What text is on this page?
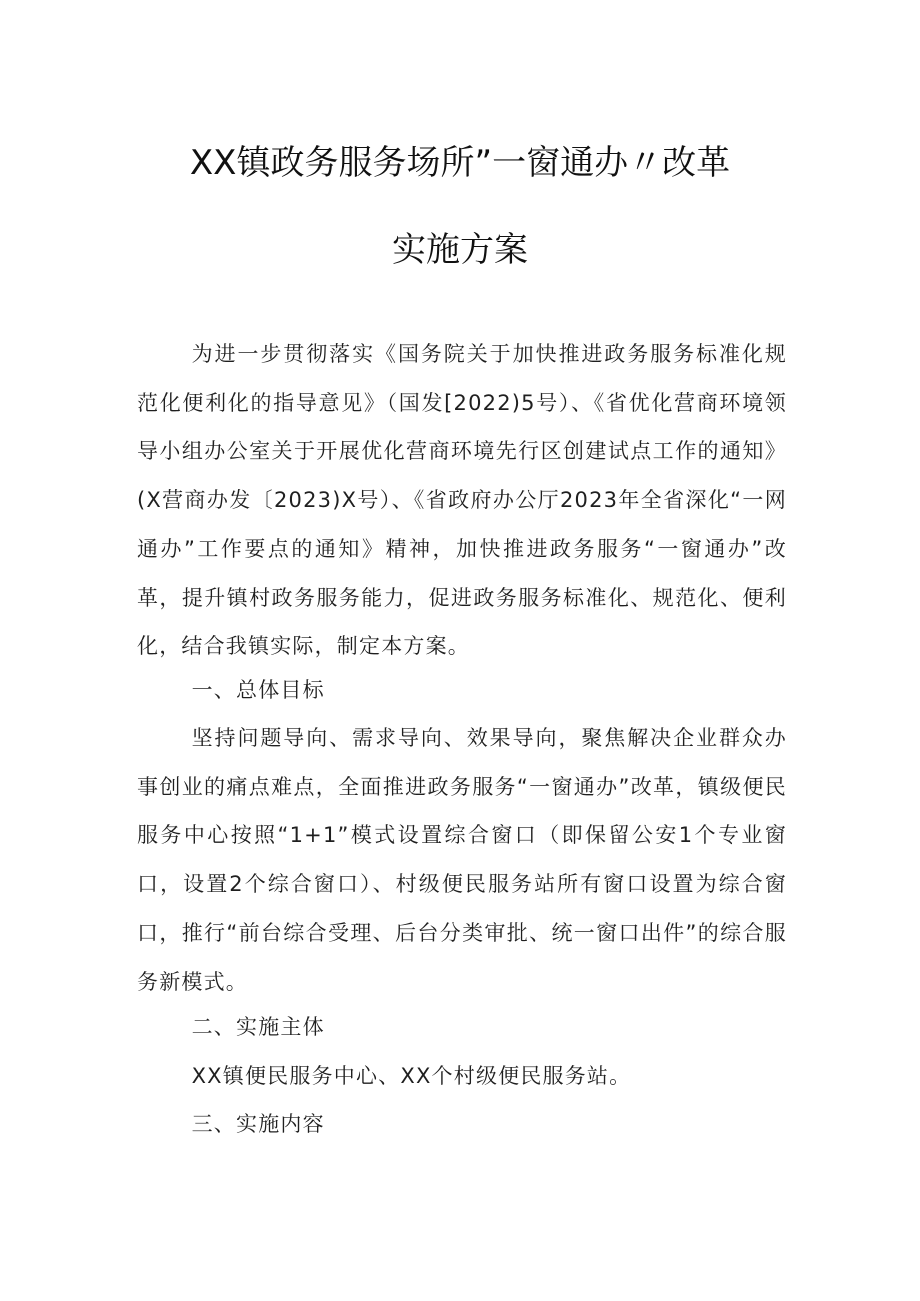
XX镇政务服务场所”一窗通办〃改革
实施方案

为进一步贯彻落实《国务院关于加快推进政务服务标准化规范化便利化的指导意见》（国发[2022)5号）、《省优化营商环境领导小组办公室关于开展优化营商环境先行区创建试点工作的通知》(X营商办发〔2023)X号）、《省政府办公厅2023年全省深化“一网通办”工作要点的通知》精神，加快推进政务服务“一窗通办”改革，提升镇村政务服务能力，促进政务服务标准化、规范化、便利化，结合我镇实际，制定本方案。

一、总体目标

坚持问题导向、需求导向、效果导向，聚焦解决企业群众办事创业的痛点难点，全面推进政务服务“一窗通办”改革，镇级便民服务中心按照“1+1”模式设置综合窗口（即保留公安1个专业窗口，设置2个综合窗口）、村级便民服务站所有窗口设置为综合窗口，推行“前台综合受理、后台分类审批、统一窗口出件”的综合服务新模式。

二、实施主体

XX镇便民服务中心、XX个村级便民服务站。

三、实施内容
